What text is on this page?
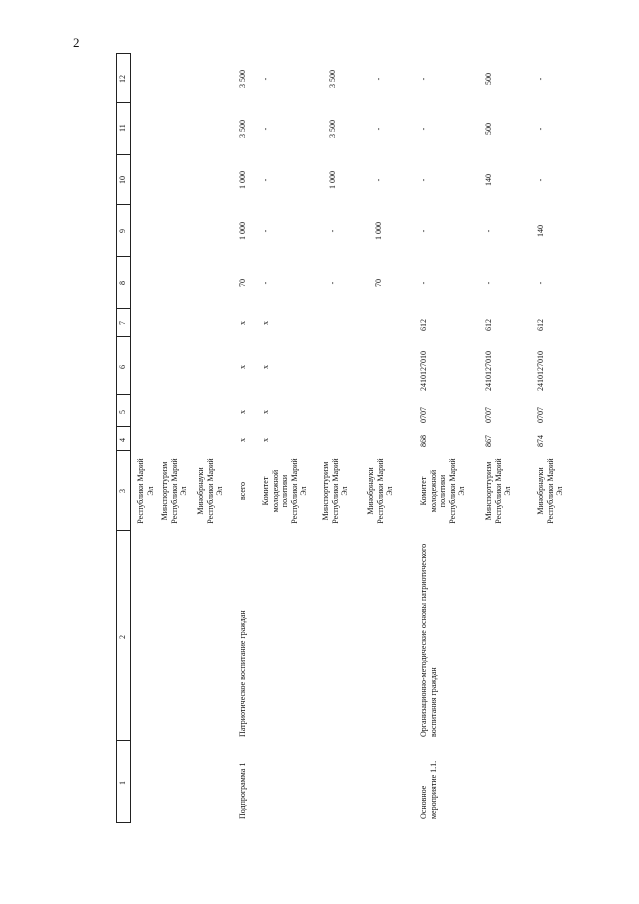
2
1
2
3
4
5
6
7
8
9
10
11
12
Республики Марий Эл Минспорттуризм Республики Марий Эл Минобрнауки Республики Марий Эл
Подпрограмма 1
Патриотическое воспитание граждан
всего
х
х
х
х
70
1 000
1 000
3 500
3 500
Комитет молодежной политики Республики Марий Эл
х
х
х
х
-
-
-
-
-
Минспорттуризм Республики Марий Эл
-
-
1 000
3 500
3 500
Минобрнауки Республики Марий Эл
70
1 000
-
-
-
Основное мероприятие 1.1.
Организационно-методические основы патриотического воспитания граждан
Комитет молодежной политики Республики Марий Эл
868
0707
2410127010
612
-
-
-
-
-
Минспорттуризм Республики Марий Эл
867
0707
2410127010
612
-
-
140
500
500
Минобрнауки Республики Марий Эл
874
0707
2410127010
612
-
140
-
-
-
